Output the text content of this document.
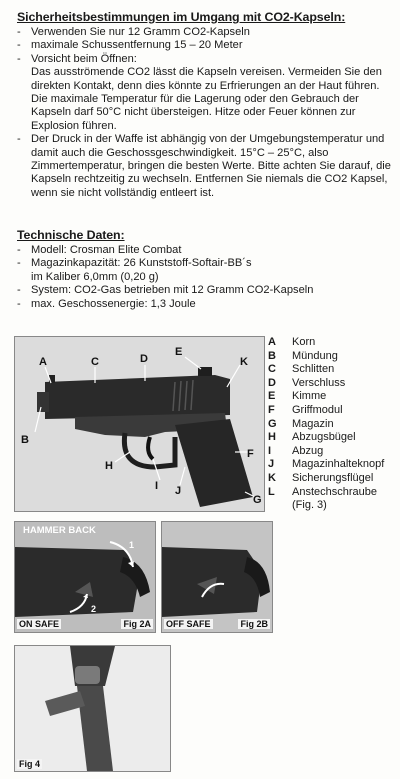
Sicherheitsbestimmungen im Umgang mit CO2-Kapseln:
- Verwenden Sie nur 12 Gramm CO2-Kapseln
- maximale Schussentfernung 15 – 20 Meter
- Vorsicht beim Öffnen:
Das ausströmende CO2 lässt die Kapseln vereisen. Vermeiden Sie den direkten Kontakt, denn dies könnte zu Erfrierungen an der Haut führen. Die maximale Temperatur für die Lagerung oder den Gebrauch der Kapseln darf 50°C nicht übersteigen. Hitze oder Feuer können zur Explosion führen.
- Der Druck in der Waffe ist abhängig von der Umgebungstemperatur und damit auch die Geschossgeschwindigkeit. 15°C – 25°C, also Zimmertemperatur, bringen die besten Werte. Bitte achten Sie darauf, die Kapseln rechtzeitig zu wechseln. Entfernen Sie niemals die CO2 Kapsel, wenn sie nicht vollständig entleert ist.
Technische Daten:
- Modell: Crosman Elite Combat
- Magazinkapazität: 26 Kunststoff-Softair-BB´s im Kaliber 6,0mm (0,20 g)
- System: CO2-Gas betrieben mit 12 Gramm CO2-Kapseln
- max. Geschossenergie: 1,3 Joule
A
B
C	D
E
F
G
H
I J
K
A	Korn
B	Mündung
C	Schlitten
D	Verschluss
E	Kimme
F	Griffmodul
G	Magazin
H	Abzugsbügel
I	Abzug
J	Magazinhalteknopf
K	Sicherungsflügel
L	Anstechschraube
(Fig. 3)
HAMMER BACK
1
2
ON SAFE	Fig 2A OFF SAFE	Fig 2B
Fig 4
